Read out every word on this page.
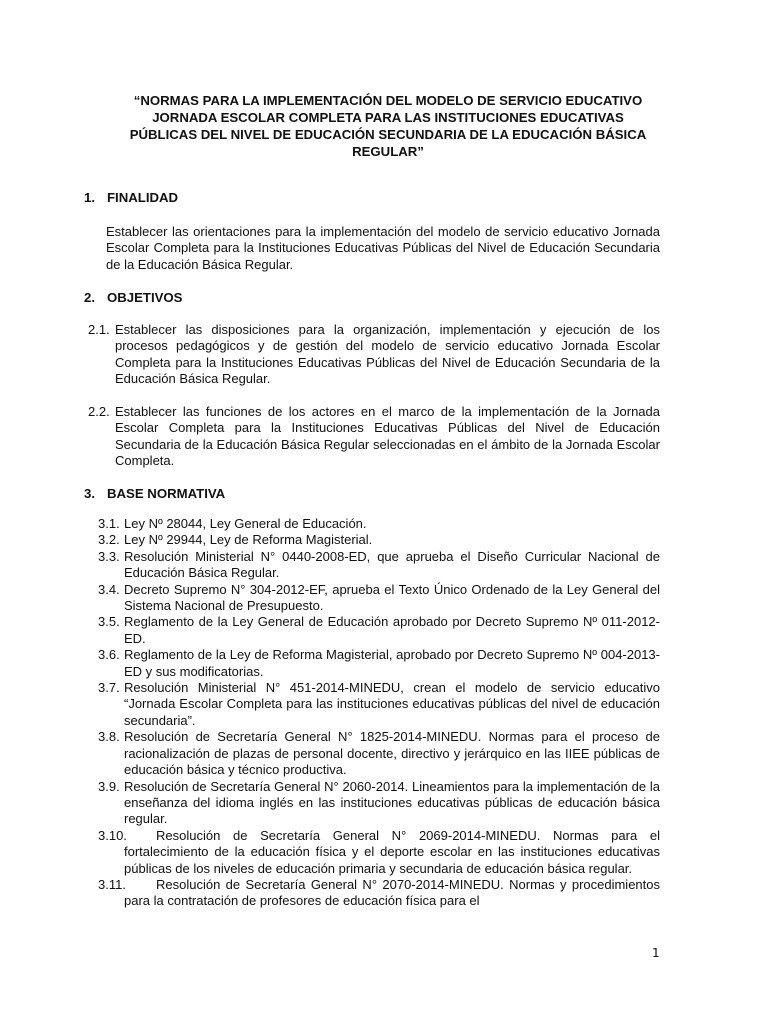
“NORMAS PARA LA IMPLEMENTACIÓN DEL MODELO DE SERVICIO EDUCATIVO
JORNADA ESCOLAR COMPLETA PARA LAS INSTITUCIONES EDUCATIVAS
PÚBLICAS DEL NIVEL DE EDUCACIÓN SECUNDARIA DE LA EDUCACIÓN BÁSICA
REGULAR”
1. FINALIDAD
Establecer las orientaciones para la implementación del modelo de servicio educativo Jornada Escolar Completa para la Instituciones Educativas Públicas del Nivel de Educación Secundaria de la Educación Básica Regular.
2. OBJETIVOS
2.1. Establecer las disposiciones para la organización, implementación y ejecución de los procesos pedagógicos y de gestión del modelo de servicio educativo Jornada Escolar Completa para la Instituciones Educativas Públicas del Nivel de Educación Secundaria de la Educación Básica Regular.
2.2. Establecer las funciones de los actores en el marco de la implementación de la Jornada Escolar Completa para la Instituciones Educativas Públicas del Nivel de Educación Secundaria de la Educación Básica Regular seleccionadas en el ámbito de la Jornada Escolar Completa.
3. BASE NORMATIVA
3.1. Ley Nº 28044, Ley General de Educación.
3.2. Ley Nº 29944, Ley de Reforma Magisterial.
3.3. Resolución Ministerial N° 0440-2008-ED, que aprueba el Diseño Curricular Nacional de Educación Básica Regular.
3.4. Decreto Supremo N° 304-2012-EF, aprueba el Texto Único Ordenado de la Ley General del Sistema Nacional de Presupuesto.
3.5. Reglamento de la Ley General de Educación aprobado por Decreto Supremo Nº 011-2012-ED.
3.6. Reglamento de la Ley de Reforma Magisterial, aprobado por Decreto Supremo Nº 004-2013-ED y sus modificatorias.
3.7. Resolución Ministerial N° 451-2014-MINEDU, crean el modelo de servicio educativo “Jornada Escolar Completa para las instituciones educativas públicas del nivel de educación secundaria”.
3.8. Resolución de Secretaría General N° 1825-2014-MINEDU. Normas para el proceso de racionalización de plazas de personal docente, directivo y jerárquico en las IIEE públicas de educación básica y técnico productiva.
3.9. Resolución de Secretaría General N° 2060-2014. Lineamientos para la implementación de la enseñanza del idioma inglés en las instituciones educativas públicas de educación básica regular.
3.10. Resolución de Secretaría General N° 2069-2014-MINEDU. Normas para el fortalecimiento de la educación física y el deporte escolar en las instituciones educativas públicas de los niveles de educación primaria y secundaria de educación básica regular.
3.11. Resolución de Secretaría General N° 2070-2014-MINEDU. Normas y procedimientos para la contratación de profesores de educación física para el
1
